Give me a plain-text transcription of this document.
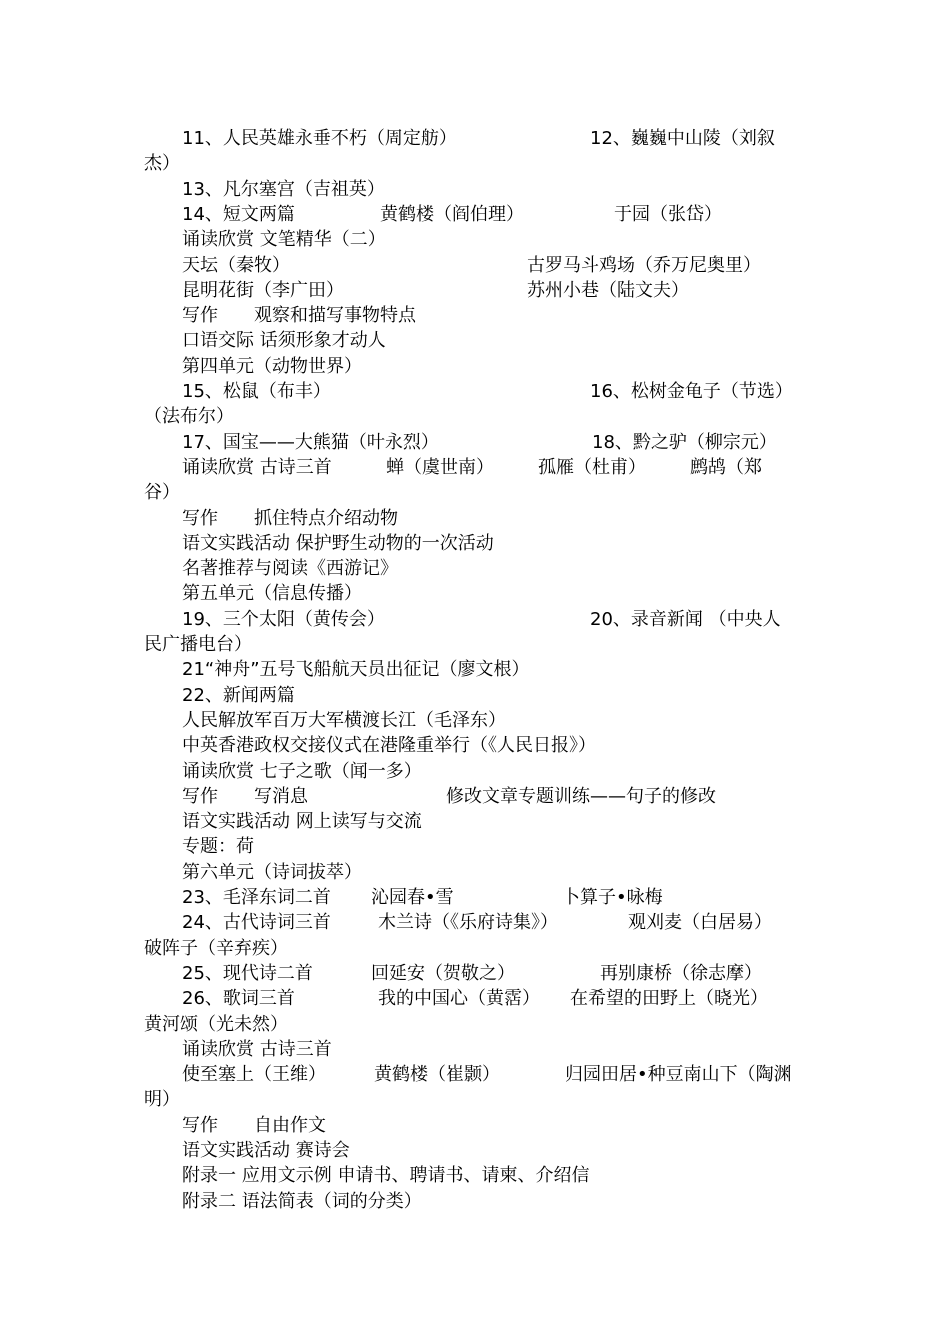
11、人民英雄永垂不朽（周定舫）	12、巍巍中山陵（刘叙
杰）
13、凡尔塞宫（吉祖英）
14、短文两篇	黄鹤楼（阎伯理）	于园（张岱）
诵读欣赏 文笔精华（二）
天坛（秦牧）	古罗马斗鸡场（乔万尼奥里）
昆明花街（李广田）	苏州小巷（陆文夫）
写作 观察和描写事物特点
口语交际 话须形象才动人
第四单元（动物世界）
15、松鼠（布丰）	16、松树金龟子（节选）
（法布尔）
17、国宝——大熊猫（叶永烈）	18、黔之驴（柳宗元）
诵读欣赏 古诗三首	蝉（虞世南） 孤雁（杜甫） 鹧鸪（郑
谷）
写作 抓住特点介绍动物
语文实践活动 保护野生动物的一次活动
名著推荐与阅读《西游记》
第五单元（信息传播）
19、三个太阳（黄传会）	20、录音新闻 （中央人
民广播电台）
21“神舟”五号飞船航天员出征记（廖文根）
22、新闻两篇
人民解放军百万大军横渡长江（毛泽东）
中英香港政权交接仪式在港隆重举行（《人民日报》）
诵读欣赏 七子之歌（闻一多）
写作 写消息	修改文章专题训练——句子的修改
语文实践活动 网上读写与交流
专题：荷
第六单元（诗词拔萃）
23、毛泽东词二首 沁园春•雪	卜算子•咏梅
24、古代诗词三首	木兰诗（《乐府诗集》）	观刈麦（白居易）
破阵子（辛弃疾）
25、现代诗二首	回延安（贺敬之）	再别康桥（徐志摩）
26、歌词三首	我的中国心（黄霑） 在希望的田野上（晓光）
黄河颂（光未然）
诵读欣赏 古诗三首
使至塞上（王维）	黄鹤楼（崔颢）	归园田居•种豆南山下（陶渊
明）
写作 自由作文
语文实践活动 赛诗会
附录一 应用文示例 申请书、聘请书、请柬、介绍信
附录二 语法简表（词的分类）
